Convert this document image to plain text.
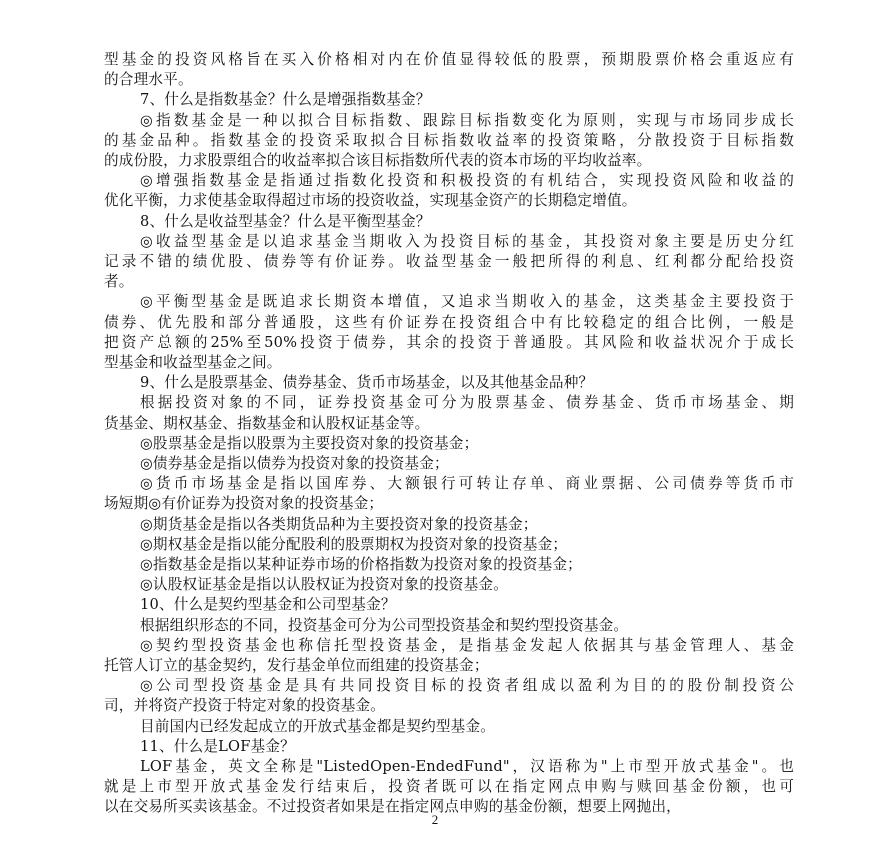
型基金的投资风格旨在买入价格相对内在价值显得较低的股票，预期股票价格会重返应有
的合理水平。
7、什么是指数基金？什么是增强指数基金？
◎指数基金是一种以拟合目标指数、跟踪目标指数变化为原则，实现与市场同步成长
的基金品种。指数基金的投资采取拟合目标指数收益率的投资策略，分散投资于目标指数
的成份股，力求股票组合的收益率拟合该目标指数所代表的资本市场的平均收益率。
◎增强指数基金是指通过指数化投资和积极投资的有机结合，实现投资风险和收益的
优化平衡，力求使基金取得超过市场的投资收益，实现基金资产的长期稳定增值。
8、什么是收益型基金？什么是平衡型基金？
◎收益型基金是以追求基金当期收入为投资目标的基金，其投资对象主要是历史分红
记录不错的绩优股、债券等有价证券。收益型基金一般把所得的利息、红利都分配给投资
者。
◎平衡型基金是既追求长期资本增值，又追求当期收入的基金，这类基金主要投资于
债券、优先股和部分普通股，这些有价证券在投资组合中有比较稳定的组合比例，一般是
把资产总额的25%至50%投资于债券，其余的投资于普通股。其风险和收益状况介于成长
型基金和收益型基金之间。
9、什么是股票基金、债券基金、货币市场基金，以及其他基金品种？
根据投资对象的不同，证券投资基金可分为股票基金、债券基金、货币市场基金、期
货基金、期权基金、指数基金和认股权证基金等。
◎股票基金是指以股票为主要投资对象的投资基金；
◎债券基金是指以债券为投资对象的投资基金；
◎货币市场基金是指以国库券、大额银行可转让存单、商业票据、公司债券等货币市
场短期◎有价证券为投资对象的投资基金；
◎期货基金是指以各类期货品种为主要投资对象的投资基金；
◎期权基金是指以能分配股利的股票期权为投资对象的投资基金；
◎指数基金是指以某种证券市场的价格指数为投资对象的投资基金；
◎认股权证基金是指以认股权证为投资对象的投资基金。
10、什么是契约型基金和公司型基金？
根据组织形态的不同，投资基金可分为公司型投资基金和契约型投资基金。
◎契约型投资基金也称信托型投资基金，是指基金发起人依据其与基金管理人、基金
托管人订立的基金契约，发行基金单位而组建的投资基金；
◎公司型投资基金是具有共同投资目标的投资者组成以盈利为目的的股份制投资公
司，并将资产投资于特定对象的投资基金。
目前国内已经发起成立的开放式基金都是契约型基金。
11、什么是LOF基金？
LOF基金，英文全称是"ListedOpen-EndedFund"，汉语称为"上市型开放式基金"。也
就是上市型开放式基金发行结束后，投资者既可以在指定网点申购与赎回基金份额，也可
以在交易所买卖该基金。不过投资者如果是在指定网点申购的基金份额，想要上网抛出，
2
